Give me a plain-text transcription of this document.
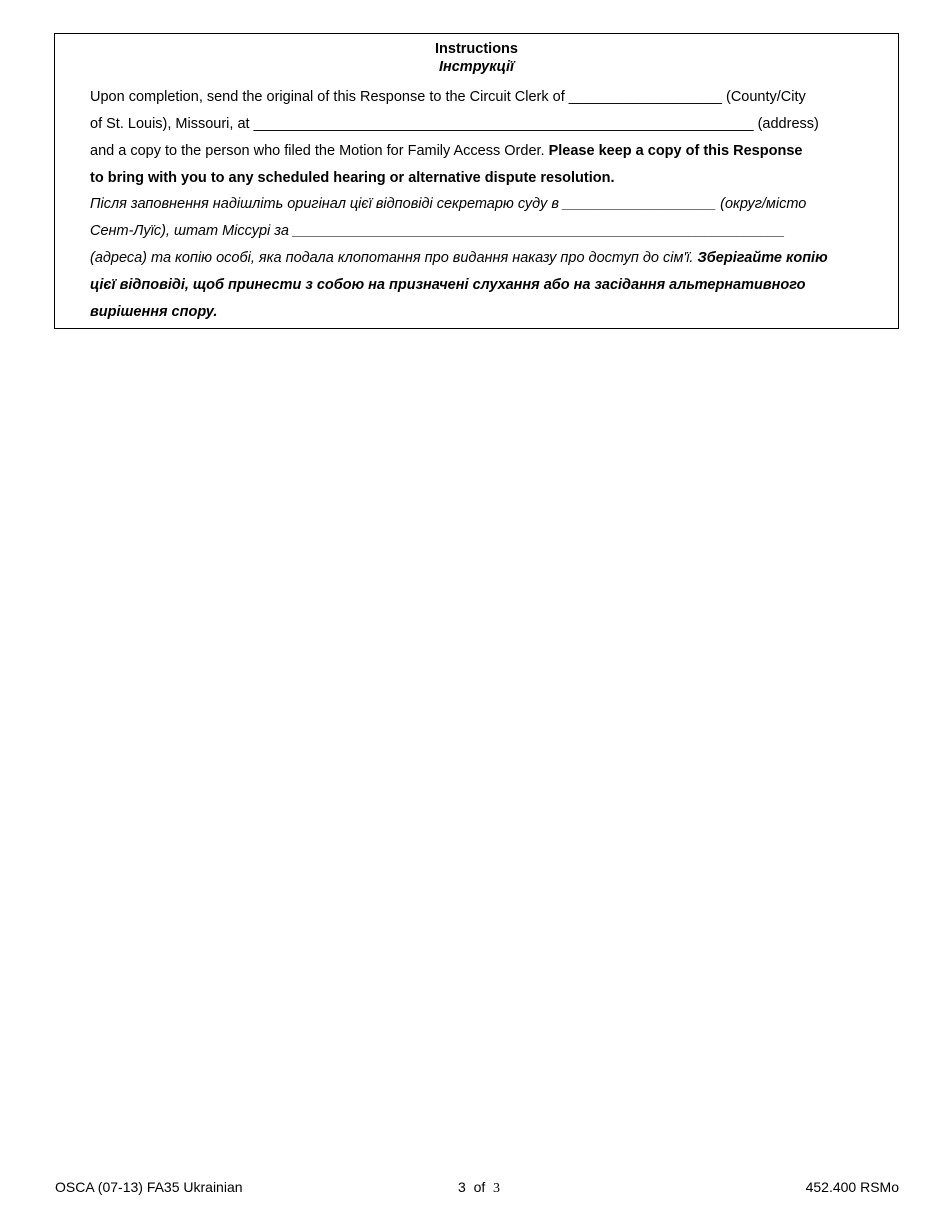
Instructions
Інструкції
Upon completion, send the original of this Response to the Circuit Clerk of ___________________ (County/City
of St. Louis), Missouri, at ______________________________________________________________ (address)
and a copy to the person who filed the Motion for Family Access Order. Please keep a copy of this Response
to bring with you to any scheduled hearing or alternative dispute resolution.
Після заповнення надішліть оригінал цієї відповіді секретарю суду в ___________________ (округ/місто
Сент-Луїс), штат Міссурі за _____________________________________________________________
(адреса) та копію особі, яка подала клопотання про видання наказу про доступ до сім'ї. Зберігайте копію
цієї відповіді, щоб принести з собою на призначені слухання або на засідання альтернативного
вирішення спору.
OSCA (07-13) FA35 Ukrainian	3 of 3	452.400 RSMo
